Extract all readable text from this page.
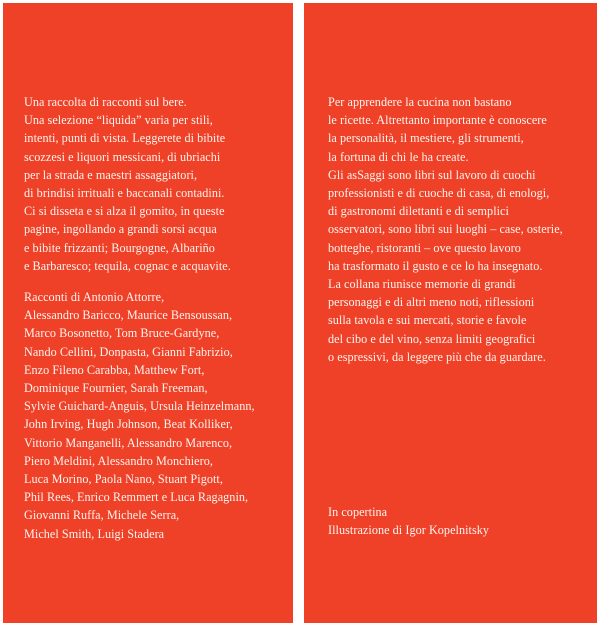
Una raccolta di racconti sul bere.
Una selezione “liquida” varia per stili,
intenti, punti di vista. Leggerete di bibite
scozzesi e liquori messicani, di ubriachi
per la strada e maestri assaggiatori,
di brindisi irrituali e baccanali contadini.
Ci si disseta e si alza il gomito, in queste
pagine, ingollando a grandi sorsi acqua
e bibite frizzanti; Bourgogne, Albariño
e Barbaresco; tequila, cognac e acquavite.

Racconti di Antonio Attorre,
Alessandro Baricco, Maurice Bensoussan,
Marco Bosonetto, Tom Bruce-Gardyne,
Nando Cellini, Donpasta, Gianni Fabrizio,
Enzo Fileno Carabba, Matthew Fort,
Dominique Fournier, Sarah Freeman,
Sylvie Guichard-Anguis, Ursula Heinzelmann,
John Irving, Hugh Johnson, Beat Kolliker,
Vittorio Manganelli, Alessandro Marenco,
Piero Meldini, Alessandro Monchiero,
Luca Morino, Paola Nano, Stuart Pigott,
Phil Rees, Enrico Remmert e Luca Ragagnin,
Giovanni Ruffa, Michele Serra,
Michel Smith, Luigi Stadera

Per apprendere la cucina non bastano
le ricette. Altrettanto importante è conoscere
la personalità, il mestiere, gli strumenti,
la fortuna di chi le ha create.
Gli asSaggi sono libri sul lavoro di cuochi
professionisti e di cuoche di casa, di enologi,
di gastronomi dilettanti e di semplici
osservatori, sono libri sui luoghi – case, osterie,
botteghe, ristoranti – ove questo lavoro
ha trasformato il gusto e ce lo ha insegnato.
La collana riunisce memorie di grandi
personaggi e di altri meno noti, riflessioni
sulla tavola e sui mercati, storie e favole
del cibo e del vino, senza limiti geografici
o espressivi, da leggere più che da guardare.

In copertina
Illustrazione di Igor Kopelnitsky
